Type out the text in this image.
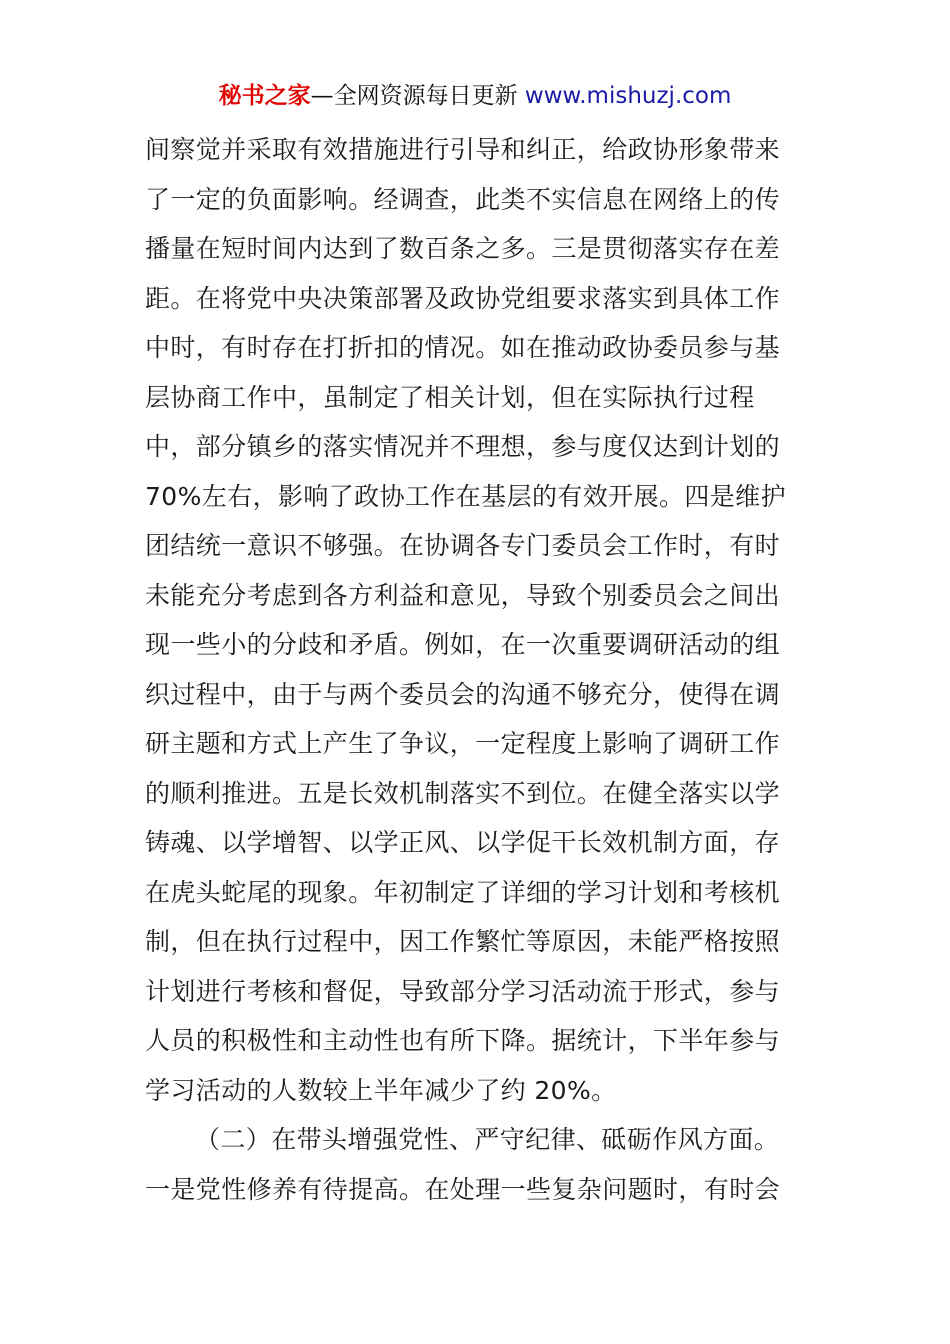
秘书之家—全网资源每日更新 www.mishuzj.com
间察觉并采取有效措施进行引导和纠正，给政协形象带来
了一定的负面影响。经调查，此类不实信息在网络上的传
播量在短时间内达到了数百条之多。三是贯彻落实存在差
距。在将党中央决策部署及政协党组要求落实到具体工作
中时，有时存在打折扣的情况。如在推动政协委员参与基
层协商工作中，虽制定了相关计划，但在实际执行过程
中，部分镇乡的落实情况并不理想，参与度仅达到计划的
70%左右，影响了政协工作在基层的有效开展。四是维护
团结统一意识不够强。在协调各专门委员会工作时，有时
未能充分考虑到各方利益和意见，导致个别委员会之间出
现一些小的分歧和矛盾。例如，在一次重要调研活动的组
织过程中，由于与两个委员会的沟通不够充分，使得在调
研主题和方式上产生了争议，一定程度上影响了调研工作
的顺利推进。五是长效机制落实不到位。在健全落实以学
铸魂、以学增智、以学正风、以学促干长效机制方面，存
在虎头蛇尾的现象。年初制定了详细的学习计划和考核机
制，但在执行过程中，因工作繁忙等原因，未能严格按照
计划进行考核和督促，导致部分学习活动流于形式，参与
人员的积极性和主动性也有所下降。据统计，下半年参与
学习活动的人数较上半年减少了约 20%。
（二）在带头增强党性、严守纪律、砥砺作风方面。
一是党性修养有待提高。在处理一些复杂问题时，有时会
